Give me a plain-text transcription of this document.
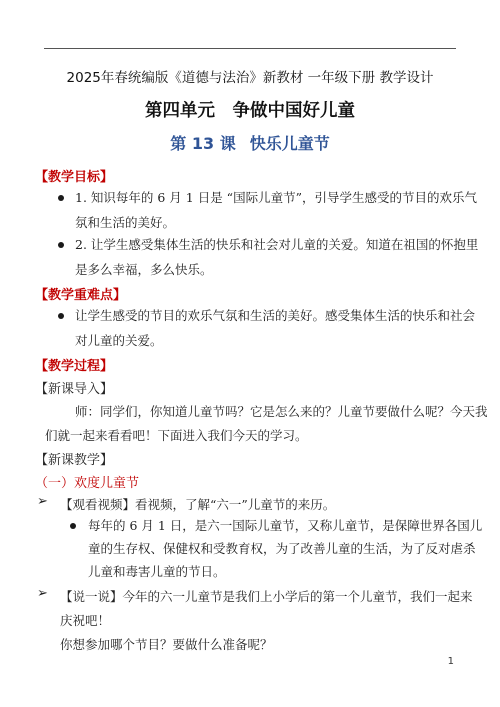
2025年春统编版《道德与法治》新教材 一年级下册 教学设计
第四单元　争做中国好儿童
第 13 课 快乐儿童节
【教学目标】
1. 知识每年的 6 月 1 日是 “国际儿童节”，引导学生感受的节目的欢乐气
氛和生活的美好。
2. 让学生感受集体生活的快乐和社会对儿童的关爱。知道在祖国的怀抱里
是多么幸福，多么快乐。
【教学重难点】
让学生感受的节目的欢乐气氛和生活的美好。感受集体生活的快乐和社会
对儿童的关爱。
【教学过程】
【新课导入】
师：同学们，你知道儿童节吗？它是怎么来的？儿童节要做什么呢？今天我
们就一起来看看吧！下面进入我们今天的学习。
【新课教学】
（一）欢度儿童节
➢ 【观看视频】看视频，了解“六一”儿童节的来历。
每年的 6 月 1 日，是六一国际儿童节，又称儿童节，是保障世界各国儿
童的生存权、保健权和受教育权，为了改善儿童的生活，为了反对虐杀
儿童和毒害儿童的节日。
➢ 【说一说】今年的六一儿童节是我们上小学后的第一个儿童节，我们一起来
庆祝吧！
你想参加哪个节目？要做什么准备呢？
1
